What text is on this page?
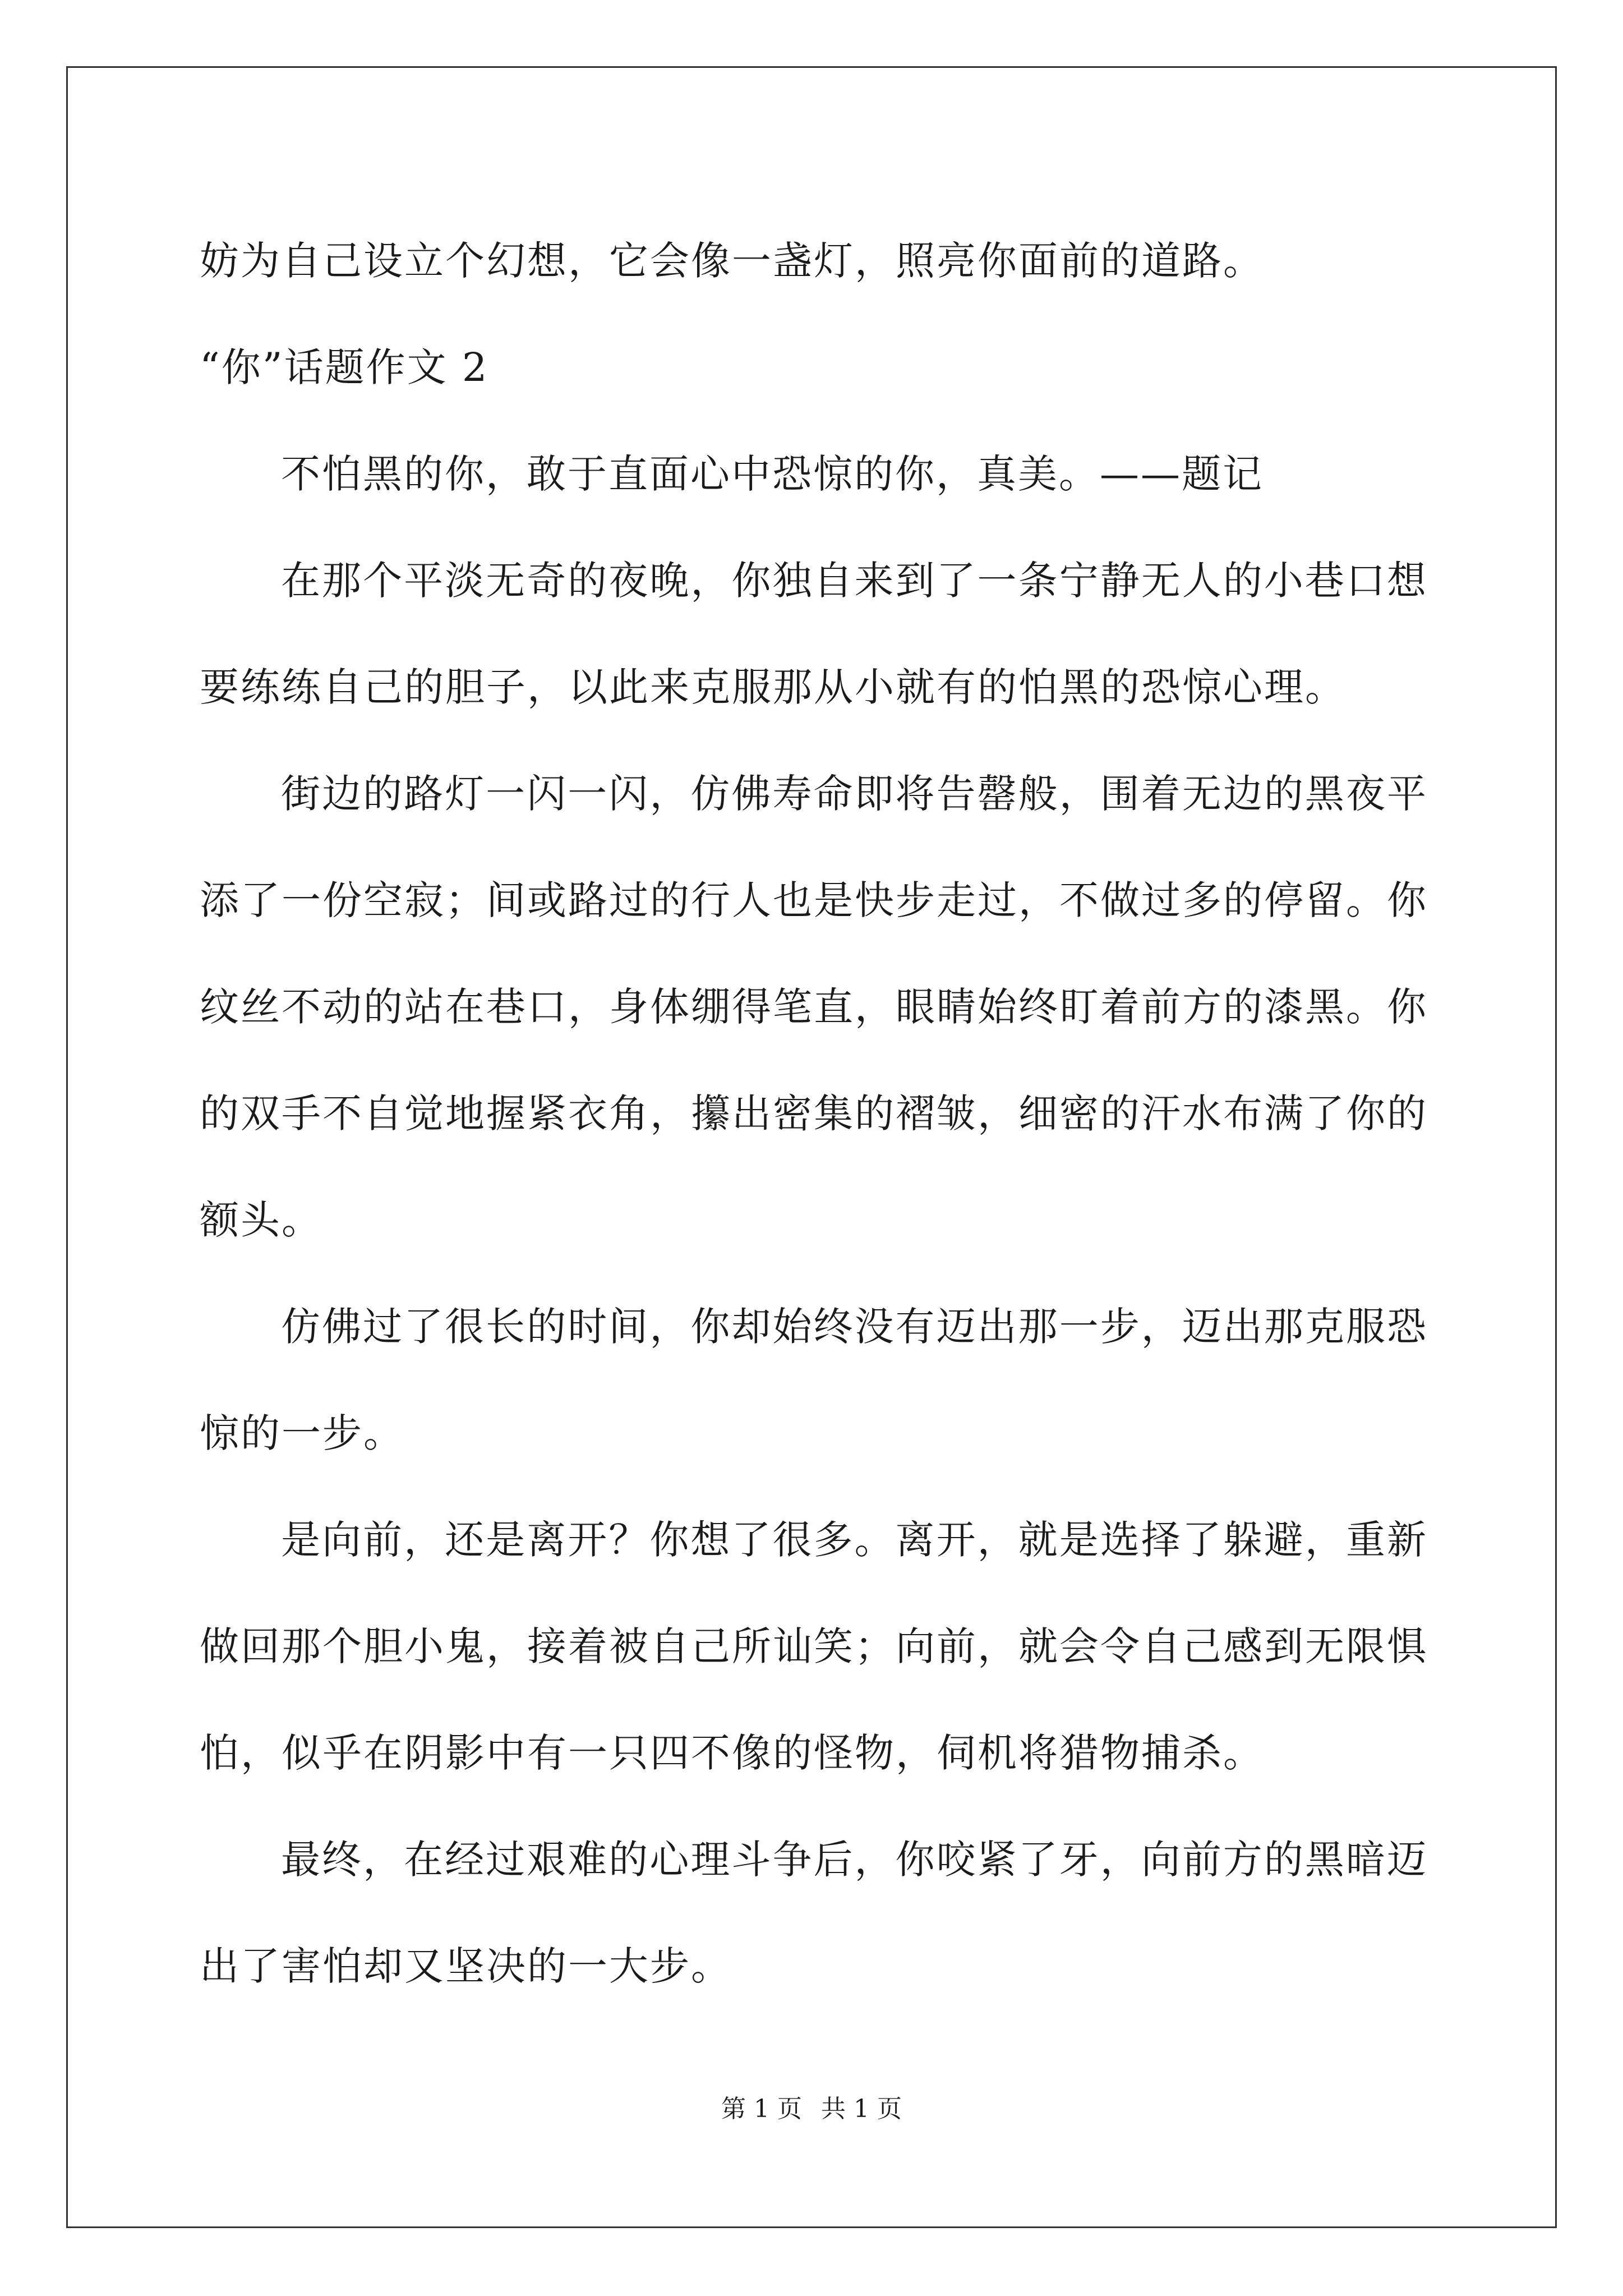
妨为自己设立个幻想，它会像一盏灯，照亮你面前的道路。

“你”话题作文 2

不怕黑的你，敢于直面心中恐惊的你，真美。——题记

在那个平淡无奇的夜晚，你独自来到了一条宁静无人的小巷口想要练练自己的胆子，以此来克服那从小就有的怕黑的恐惊心理。

街边的路灯一闪一闪，仿佛寿命即将告罄般，围着无边的黑夜平添了一份空寂；间或路过的行人也是快步走过，不做过多的停留。你纹丝不动的站在巷口，身体绷得笔直，眼睛始终盯着前方的漆黑。你的双手不自觉地握紧衣角，攥出密集的褶皱，细密的汗水布满了你的额头。

仿佛过了很长的时间，你却始终没有迈出那一步，迈出那克服恐惊的一步。

是向前，还是离开？你想了很多。离开，就是选择了躲避，重新做回那个胆小鬼，接着被自己所讪笑；向前，就会令自己感到无限惧怕，似乎在阴影中有一只四不像的怪物，伺机将猎物捕杀。

最终，在经过艰难的心理斗争后，你咬紧了牙，向前方的黑暗迈出了害怕却又坚决的一大步。

第 1 页 共 1 页
